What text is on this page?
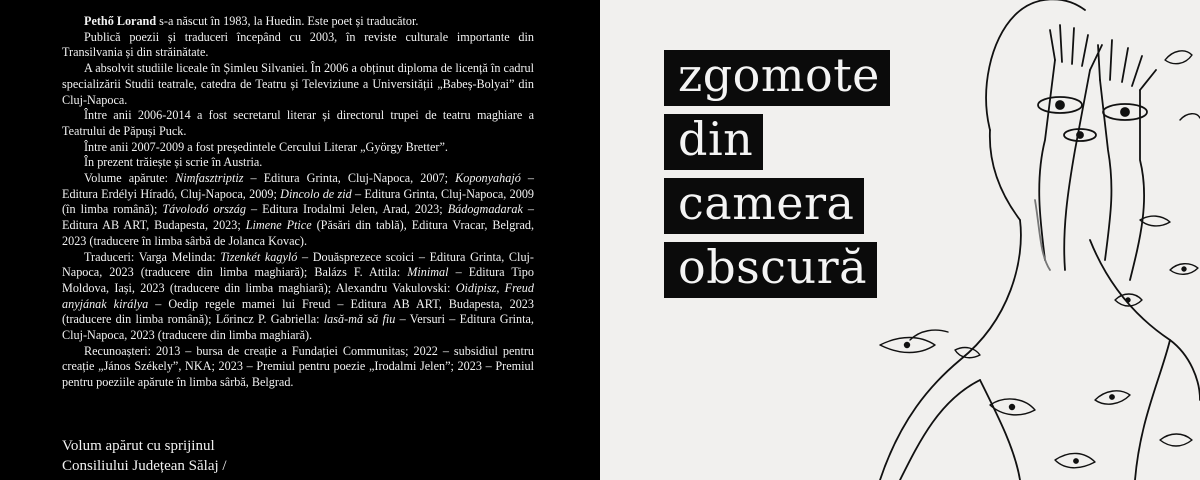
Pethő Lorand s-a născut în 1983, la Huedin. Este poet și traducător.

Publică poezii și traduceri începând cu 2003, în reviste culturale importante din Transilvania și din străinătate.

A absolvit studiile liceale în Șimleu Silvaniei. În 2006 a obținut diploma de licență în cadrul specializării Studii teatrale, catedra de Teatru și Televiziune a Universității „Babeș-Bolyai” din Cluj-Napoca.

Între anii 2006-2014 a fost secretarul literar și directorul trupei de teatru maghiare a Teatrului de Păpuși Puck.

Între anii 2007-2009 a fost președintele Cercului Literar „György Bretter”.

În prezent trăiește și scrie în Austria.

Volume apărute: Nimfasztriptiz – Editura Grinta, Cluj-Napoca, 2007; Koponyahajó – Editura Erdélyi Híradó, Cluj-Napoca, 2009; Dincolo de zid – Editura Grinta, Cluj-Napoca, 2009 (în limba română); Távolodó ország – Editura Irodalmi Jelen, Arad, 2023; Bádogmadarak – Editura AB ART, Budapesta, 2023; Limene Ptice (Păsări din tablă), Editura Vracar, Belgrad, 2023 (traducere în limba sârbă de Jolanca Kovac).

Traduceri: Varga Melinda: Tizenkét kagyló – Douăsprezece scoici – Editura Grinta, Cluj-Napoca, 2023 (traducere din limba maghiară); Balázs F. Attila: Minimal – Editura Tipo Moldova, Iași, 2023 (traducere din limba maghiară); Alexandru Vakulovski: Oidipisz, Freud anyjának királya – Oedip regele mamei lui Freud – Editura AB ART, Budapesta, 2023 (traducere din limba română); Lőrincz P. Gabriella: lasă-mă să fiu – Versuri – Editura Grinta, Cluj-Napoca, 2023 (traducere din limba maghiară).

Recunoașteri: 2013 – bursa de creație a Fundației Communitas; 2022 – subsidiul pentru creație „János Székely”, NKA; 2023 – Premiul pentru poezie „Irodalmi Jelen”; 2023 – Premiul pentru poeziile apărute în limba sârbă, Belgrad.

Volum apărut cu sprijinul
Consiliului Județean Sălaj /
zgomote
din
camera
obscură
